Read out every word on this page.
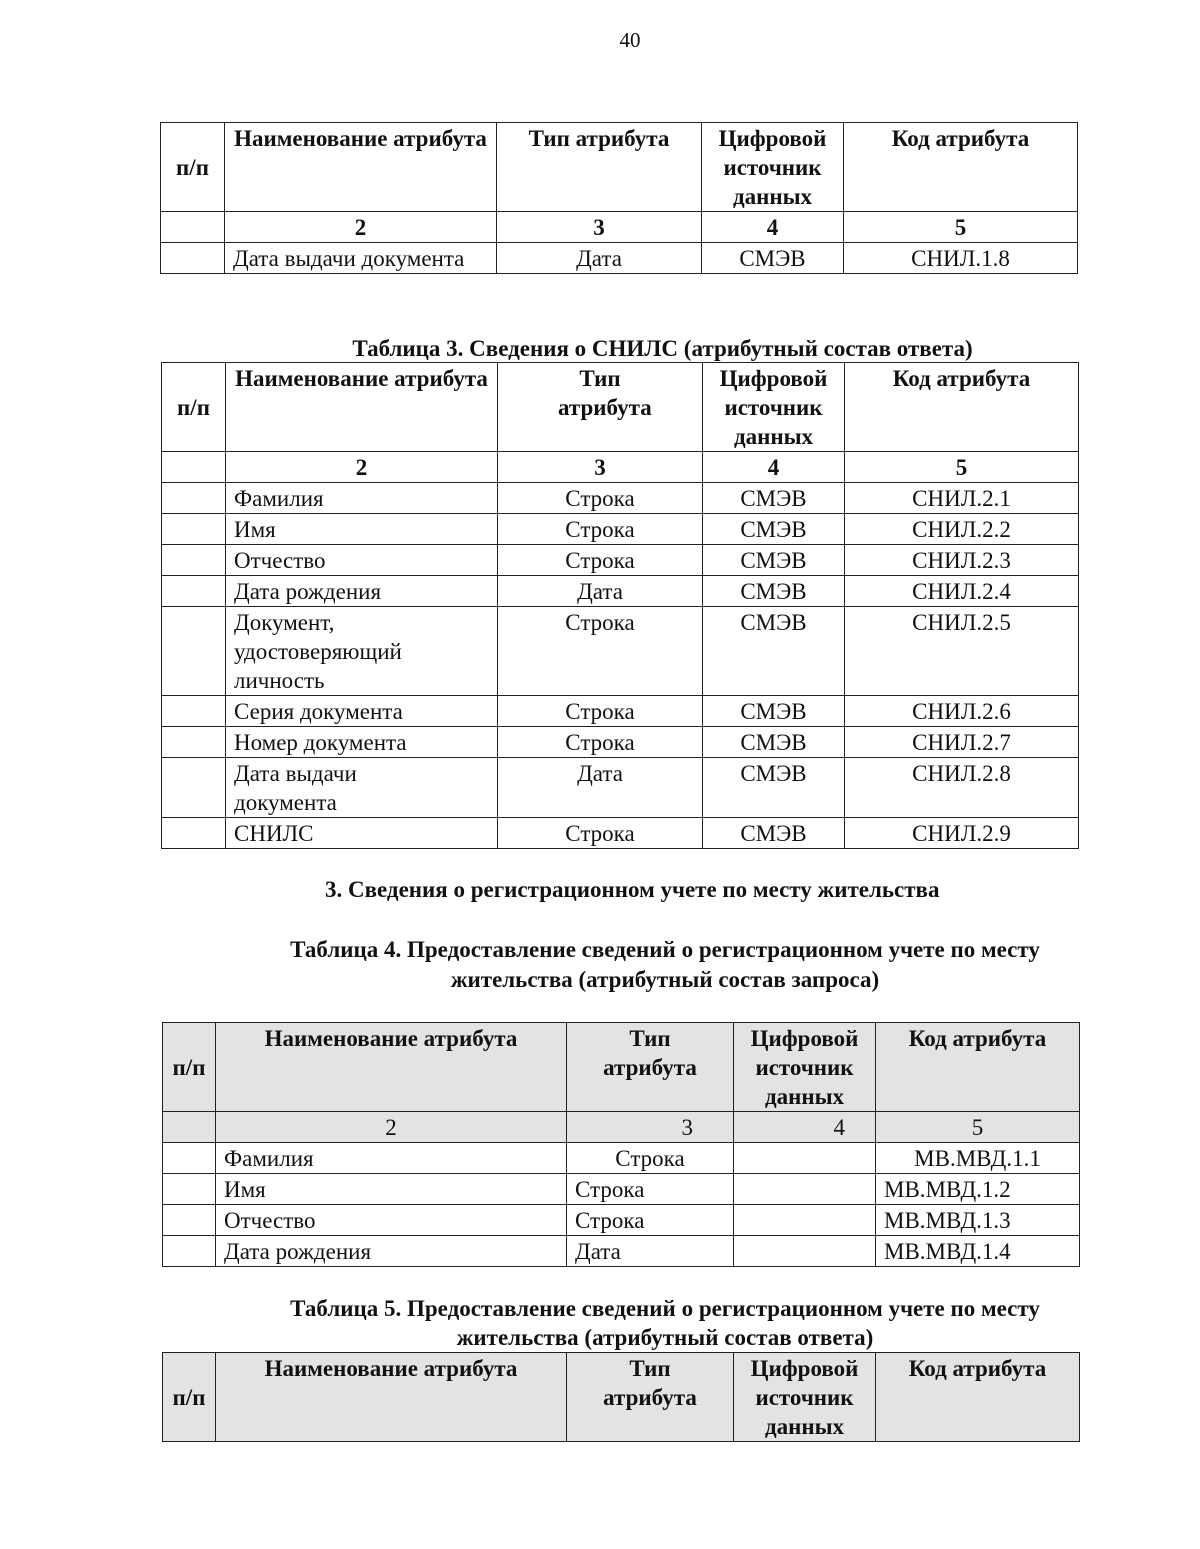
40
п/п	Наименование атрибута	Тип атрибута	Цифровой источник данных	Код атрибута
	2	3	4	5
	Дата выдачи документа	Дата	СМЭВ	СНИЛ.1.8
Таблица 3. Сведения о СНИЛС (атрибутный состав ответа)
п/п	Наименование атрибута	Тип атрибута	Цифровой источник данных	Код атрибута
	2	3	4	5
	Фамилия	Строка	СМЭВ	СНИЛ.2.1
	Имя	Строка	СМЭВ	СНИЛ.2.2
	Отчество	Строка	СМЭВ	СНИЛ.2.3
	Дата рождения	Дата	СМЭВ	СНИЛ.2.4
	Документ, удостоверяющий личность	Строка	СМЭВ	СНИЛ.2.5
	Серия документа	Строка	СМЭВ	СНИЛ.2.6
	Номер документа	Строка	СМЭВ	СНИЛ.2.7
	Дата выдачи документа	Дата	СМЭВ	СНИЛ.2.8
	СНИЛС	Строка	СМЭВ	СНИЛ.2.9
3. Сведения о регистрационном учете по месту жительства
Таблица 4. Предоставление сведений о регистрационном учете по месту
жительства (атрибутный состав запроса)
п/п	Наименование атрибута	Тип атрибута	Цифровой источник данных	Код атрибута
	2	3	4	5
	Фамилия	Строка		МВ.МВД.1.1
	Имя	Строка		МВ.МВД.1.2
	Отчество	Строка		МВ.МВД.1.3
	Дата рождения	Дата		МВ.МВД.1.4
Таблица 5. Предоставление сведений о регистрационном учете по месту
жительства (атрибутный состав ответа)
п/п	Наименование атрибута	Тип атрибута	Цифровой источник данных	Код атрибута
